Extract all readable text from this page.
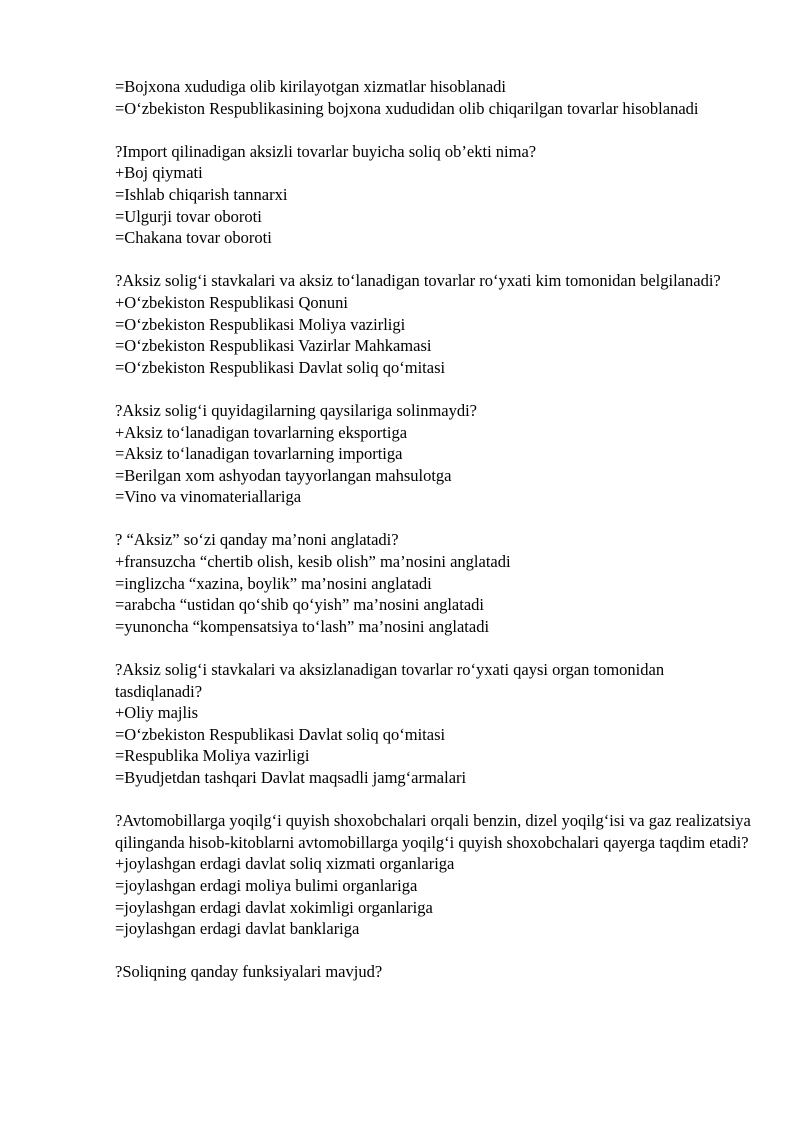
=Bojxona xududiga olib kirilayotgan xizmatlar hisoblanadi
=O‘zbekiston Respublikasining bojxona xududidan olib chiqarilgan tovarlar hisoblanadi
?Import qilinadigan aksizli tovarlar buyicha soliq ob’ekti nima?
+Boj qiymati
=Ishlab chiqarish tannarxi
=Ulgurji tovar oboroti
=Chakana tovar oboroti
?Aksiz solig‘i stavkalari va aksiz to‘lanadigan tovarlar ro‘yxati kim tomonidan belgilanadi?
+O‘zbekiston Respublikasi Qonuni
=O‘zbekiston Respublikasi Moliya vazirligi
=O‘zbekiston Respublikasi Vazirlar Mahkamasi
=O‘zbekiston Respublikasi Davlat soliq qo‘mitasi
?Aksiz solig‘i quyidagilarning qaysilariga solinmaydi?
+Aksiz to‘lanadigan tovarlarning eksportiga
=Aksiz to‘lanadigan tovarlarning importiga
=Berilgan xom ashyodan tayyorlangan mahsulotga
=Vino va vinomateriallariga
? “Aksiz” so‘zi qanday ma’noni anglatadi?
+fransuzcha “chertib olish, kesib olish” ma’nosini anglatadi
=inglizcha “xazina, boylik” ma’nosini anglatadi
=arabcha “ustidan qo‘shib qo‘yish” ma’nosini anglatadi
=yunoncha “kompensatsiya to‘lash” ma’nosini anglatadi
?Aksiz solig‘i stavkalari va aksizlanadigan tovarlar ro‘yxati qaysi organ tomonidan tasdiqlanadi?
+Oliy majlis
=O‘zbekiston Respublikasi Davlat soliq qo‘mitasi
=Respublika Moliya vazirligi
=Byudjetdan tashqari Davlat maqsadli jamg‘armalari
?Avtomobillarga yoqilg‘i quyish shoxobchalari orqali benzin, dizel yoqilg‘isi va gaz realizatsiya qilinganda hisob-kitoblarni avtomobillarga yoqilg‘i quyish shoxobchalari qayerga taqdim etadi?
+joylashgan erdagi davlat soliq xizmati organlariga
=joylashgan erdagi moliya bulimi organlariga
=joylashgan erdagi davlat xokimligi organlariga
=joylashgan erdagi davlat banklariga
?Soliqning qanday funksiyalari mavjud?
